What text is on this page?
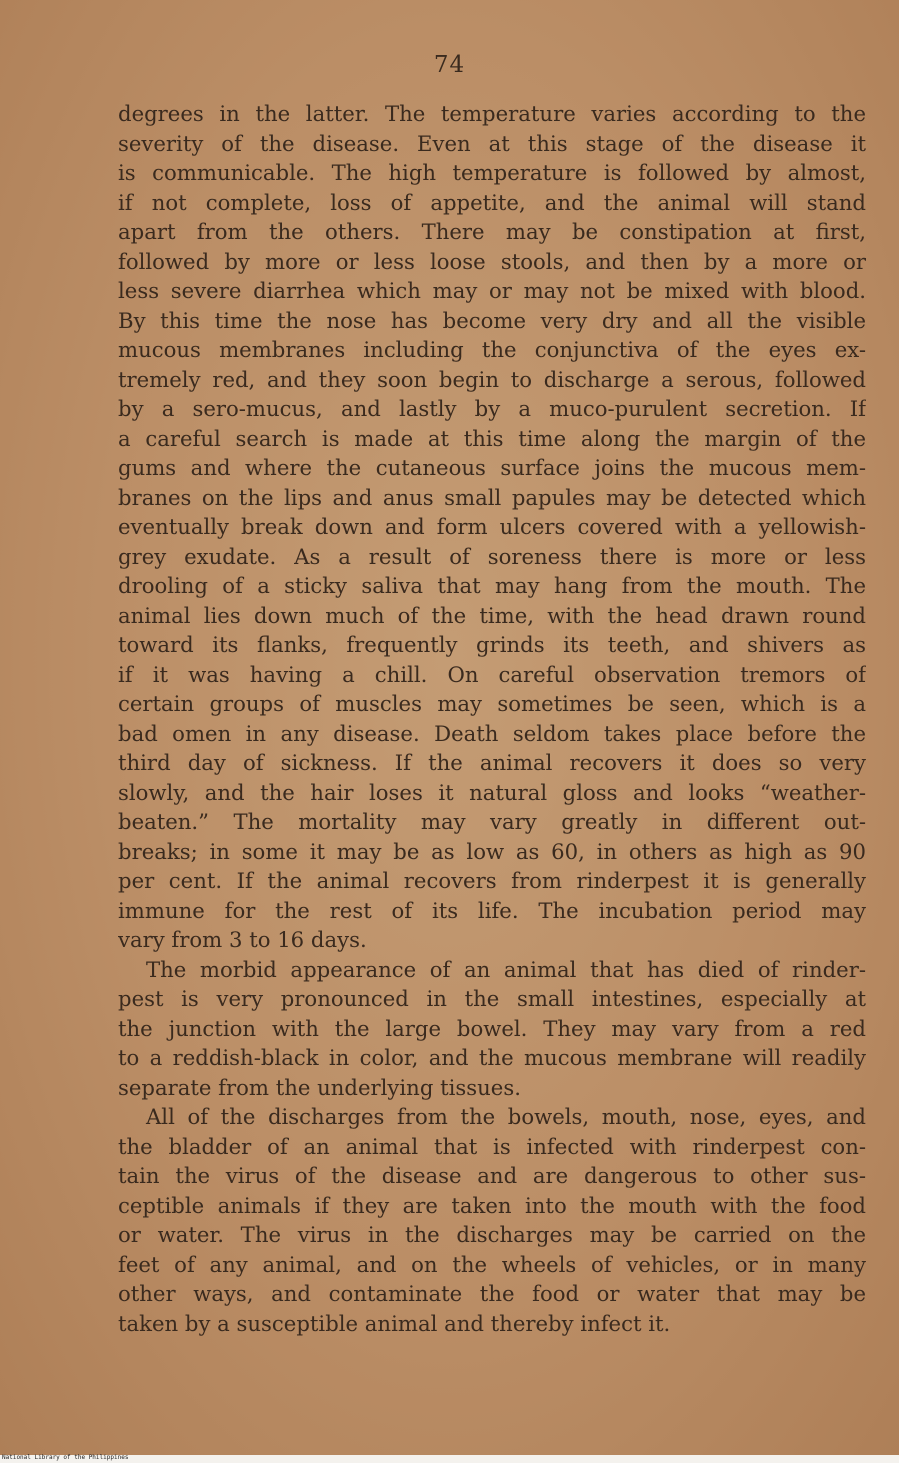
74
degrees in the latter. The temperature varies according to the
severity of the disease. Even at this stage of the disease it
is communicable. The high temperature is followed by almost,
if not complete, loss of appetite, and the animal will stand
apart from the others. There may be constipation at first,
followed by more or less loose stools, and then by a more or
less severe diarrhea which may or may not be mixed with blood.
By this time the nose has become very dry and all the visible
mucous membranes including the conjunctiva of the eyes ex-
tremely red, and they soon begin to discharge a serous, followed
by a sero-mucus, and lastly by a muco-purulent secretion. If
a careful search is made at this time along the margin of the
gums and where the cutaneous surface joins the mucous mem-
branes on the lips and anus small papules may be detected which
eventually break down and form ulcers covered with a yellowish-
grey exudate. As a result of soreness there is more or less
drooling of a sticky saliva that may hang from the mouth. The
animal lies down much of the time, with the head drawn round
toward its flanks, frequently grinds its teeth, and shivers as
if it was having a chill. On careful observation tremors of
certain groups of muscles may sometimes be seen, which is a
bad omen in any disease. Death seldom takes place before the
third day of sickness. If the animal recovers it does so very
slowly, and the hair loses it natural gloss and looks “weather-
beaten.” The mortality may vary greatly in different out-
breaks; in some it may be as low as 60, in others as high as 90
per cent. If the animal recovers from rinderpest it is generally
immune for the rest of its life. The incubation period may
vary from 3 to 16 days.
The morbid appearance of an animal that has died of rinder-
pest is very pronounced in the small intestines, especially at
the junction with the large bowel. They may vary from a red
to a reddish-black in color, and the mucous membrane will readily
separate from the underlying tissues.
All of the discharges from the bowels, mouth, nose, eyes, and
the bladder of an animal that is infected with rinderpest con-
tain the virus of the disease and are dangerous to other sus-
ceptible animals if they are taken into the mouth with the food
or water. The virus in the discharges may be carried on the
feet of any animal, and on the wheels of vehicles, or in many
other ways, and contaminate the food or water that may be
taken by a susceptible animal and thereby infect it.
National Library of the Philippines
